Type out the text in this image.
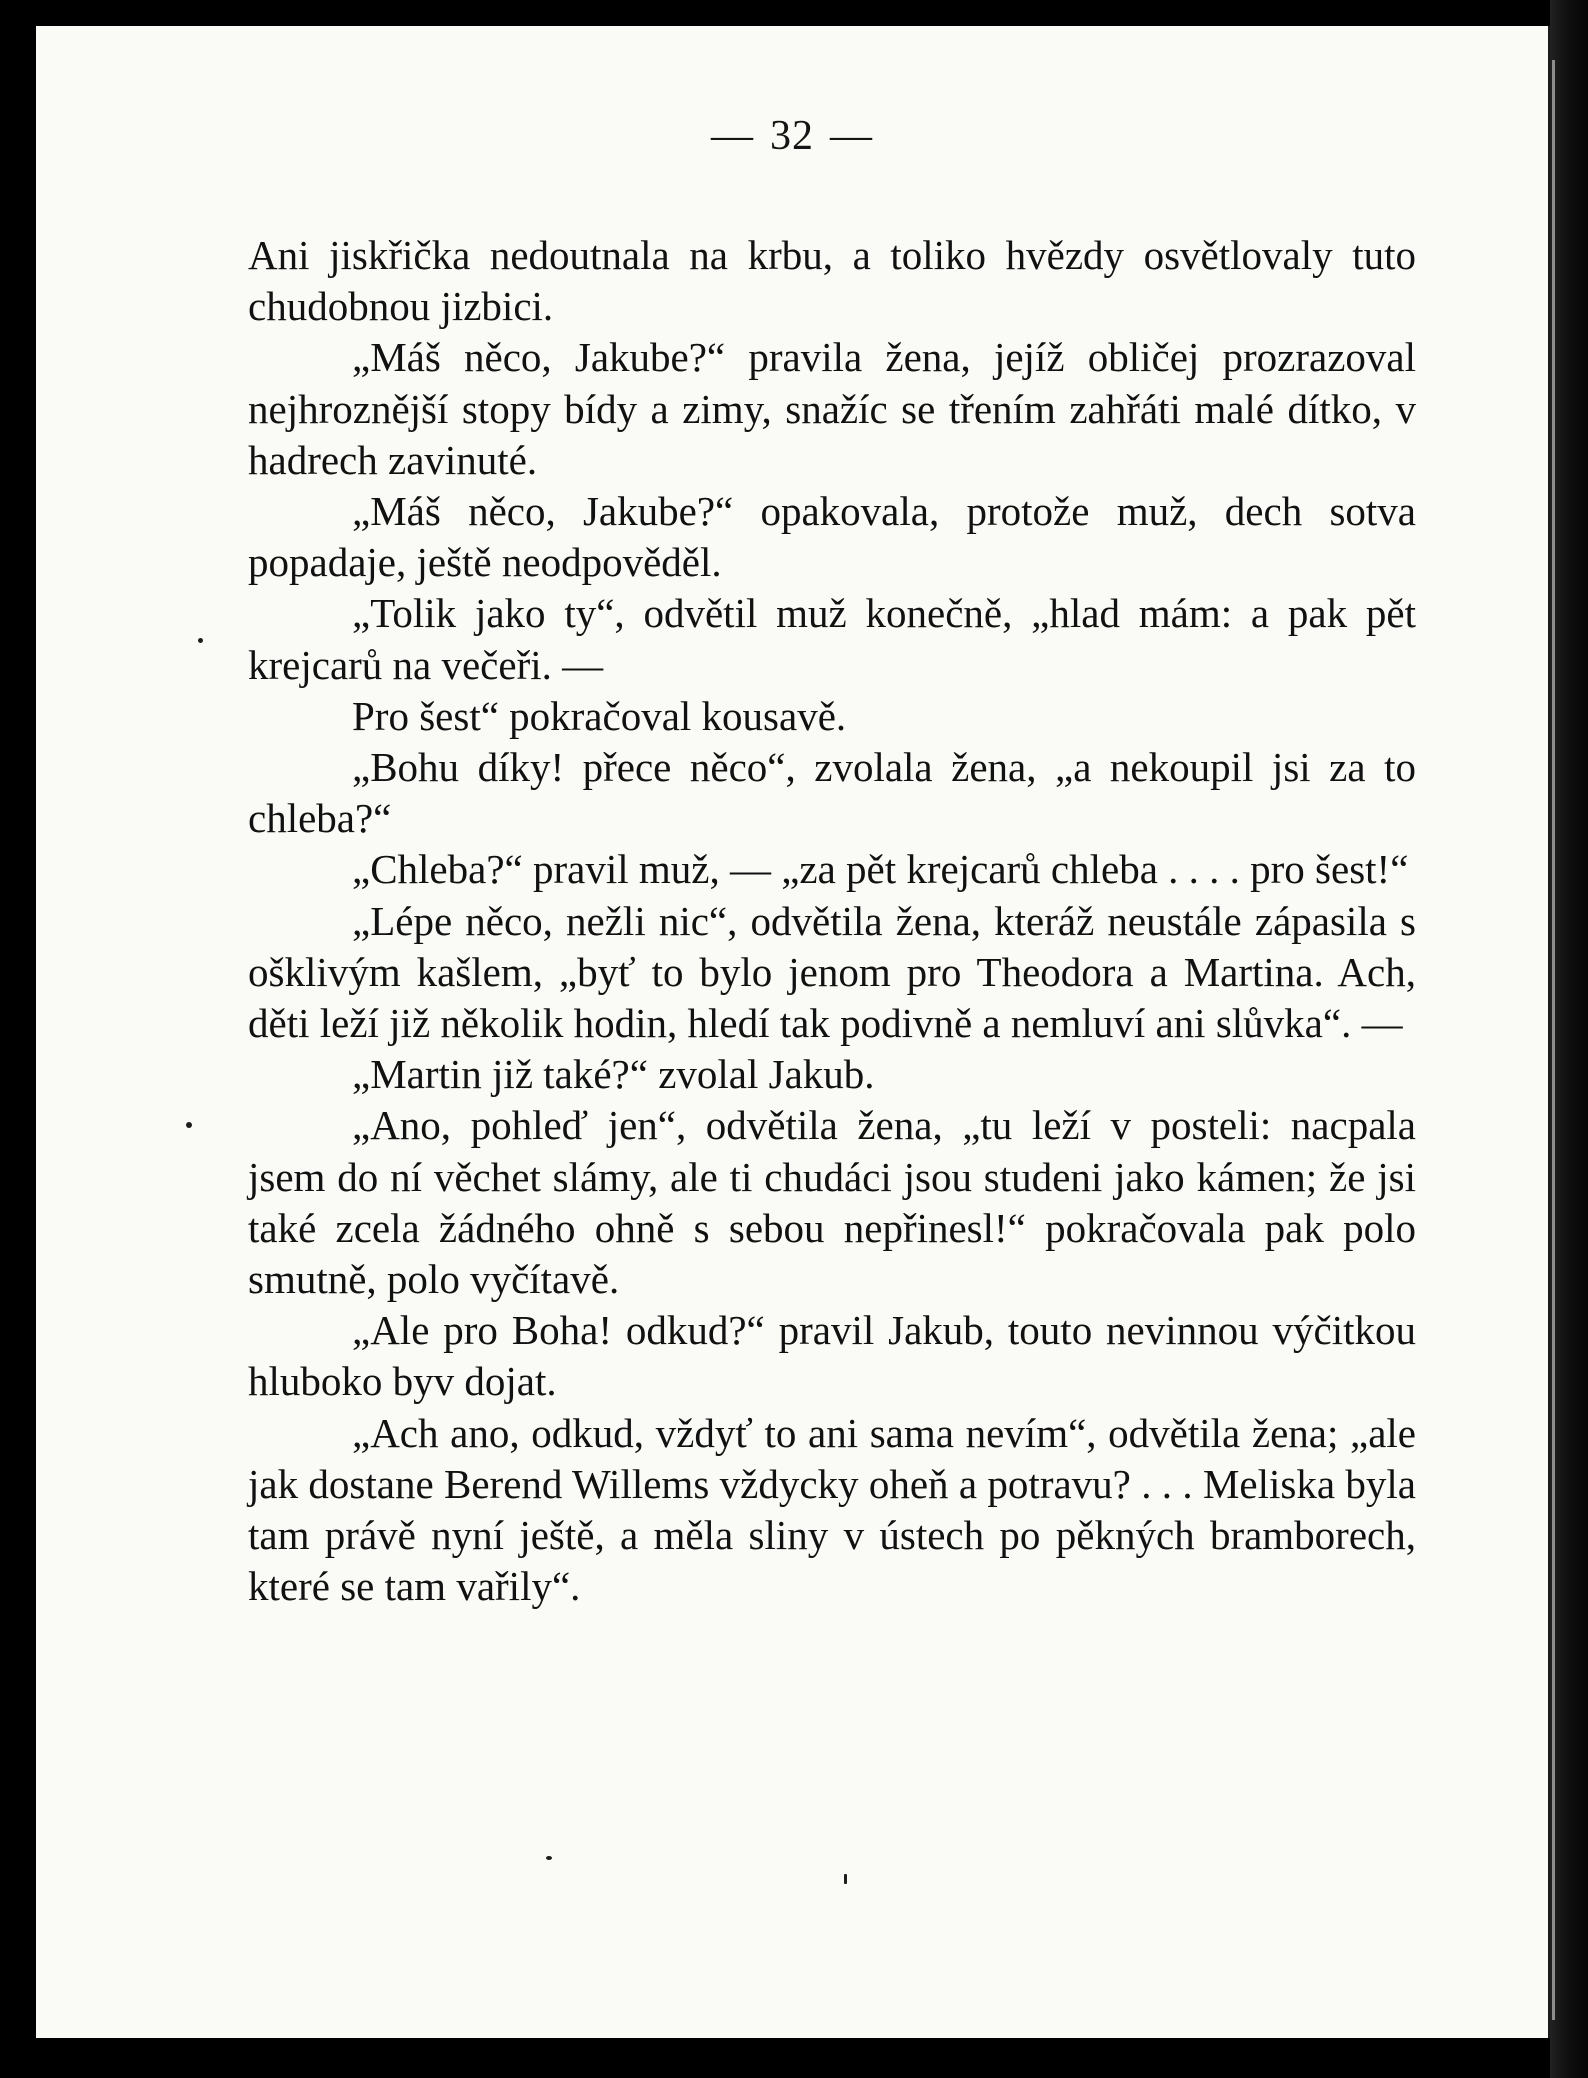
— 32 —

Ani jiskřička nedoutnala na krbu, a toliko hvězdy osvětlovaly tuto chudobnou jizbici.

„Máš něco, Jakube?“ pravila žena, jejíž obličej prozrazoval nejhroznější stopy bídy a zimy, snažíc se třením zahřáti malé dítko, v hadrech zavinuté.

„Máš něco, Jakube?“ opakovala, protože muž, dech sotva popadaje, ještě neodpověděl.

„Tolik jako ty“, odvětil muž konečně, „hlad mám: a pak pět krejcarů na večeři. —

Pro šest“ pokračoval kousavě.

„Bohu díky! přece něco“, zvolala žena, „a nekoupil jsi za to chleba?“

„Chleba?“ pravil muž, — „za pět krejcarů chleba . . . . pro šest!“

„Lépe něco, nežli nic“, odvětila žena, kteráž neustále zápasila s ošklivým kašlem, „byť to bylo jenom pro Theodora a Martina. Ach, děti leží již několik hodin, hledí tak podivně a nemluví ani slůvka“. —

„Martin již také?“ zvolal Jakub.

„Ano, pohleď jen“, odvětila žena, „tu leží v posteli: nacpala jsem do ní věchet slámy, ale ti chudáci jsou studeni jako kámen; že jsi také zcela žádného ohně s sebou nepřinesl!“ pokračovala pak polo smutně, polo vyčítavě.

„Ale pro Boha! odkud?“ pravil Jakub, touto nevinnou výčitkou hluboko byv dojat.

„Ach ano, odkud, vždyť to ani sama nevím“, odvětila žena; „ale jak dostane Berend Willems vždycky oheň a potravu? . . . Meliska byla tam právě nyní ještě, a měla sliny v ústech po pěkných bramborech, které se tam vařily“.
